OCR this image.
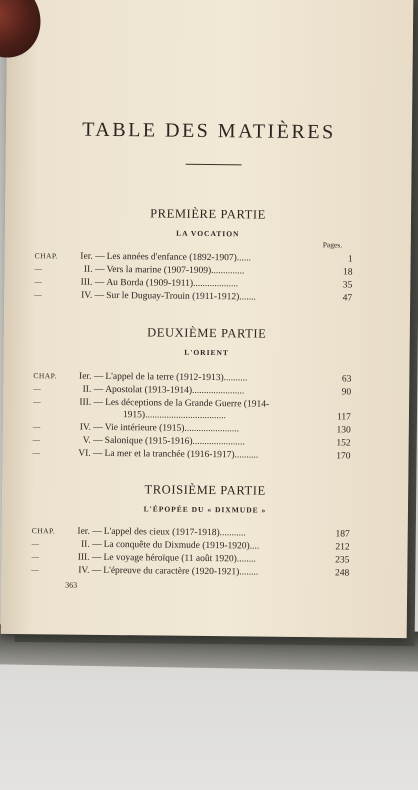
TABLE DES MATIÈRES
Pages.
PREMIÈRE PARTIE
LA VOCATION
CHAP.	Ier. — Les années d'enfance (1892-1907)......	1
—	II. — Vers la marine (1907-1909)..............	18
—	III. — Au Borda (1909-1911)...................	35
—	IV. — Sur le Duguay-Trouin (1911-1912).......	47
DEUXIÈME PARTIE
L'ORIENT
CHAP.	Ier. — L'appel de la terre (1912-1913)..........	63
—	II. — Apostolat (1913-1914)......................	90
—	III. — Les déceptions de la Grande Guerre (1914-
1915)..................................	117
—	IV. — Vie intérieure (1915).......................	130
—	V. — Salonique (1915-1916)......................	152
—	VI. — La mer et la tranchée (1916-1917)..........	170
TROISIÈME PARTIE
L'ÉPOPÉE DU « DIXMUDE »
CHAP.	Ier. — L'appel des cieux (1917-1918)...........	187
—	II. — La conquête du Dixmude (1919-1920)....	212
—	III. — Le voyage héroïque (11 août 1920)........	235
—	IV. — L'épreuve du caractère (1920-1921)........	248
363
